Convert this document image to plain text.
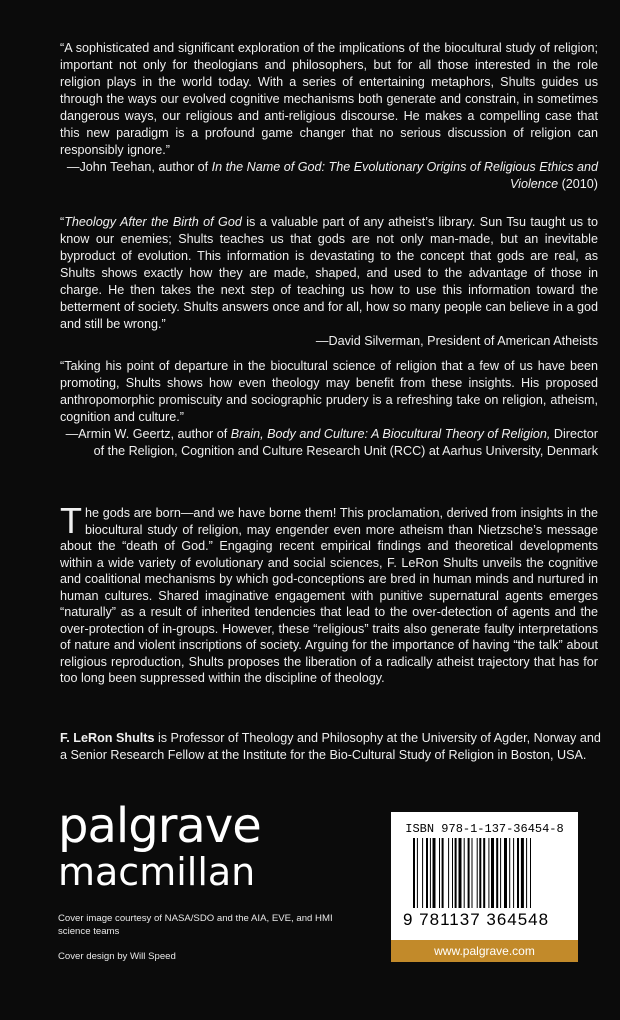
“A sophisticated and significant exploration of the implications of the biocultural study of religion; important not only for theologians and philosophers, but for all those interested in the role religion plays in the world today. With a series of entertaining metaphors, Shults guides us through the ways our evolved cognitive mechanisms both generate and constrain, in sometimes dangerous ways, our religious and anti-religious discourse. He makes a compelling case that this new paradigm is a profound game changer that no serious discussion of religion can responsibly ignore.”
—John Teehan, author of In the Name of God: The Evolutionary Origins of Religious Ethics and Violence (2010)
“Theology After the Birth of God is a valuable part of any atheist’s library. Sun Tsu taught us to know our enemies; Shults teaches us that gods are not only man-made, but an inevitable byproduct of evolution. This information is devastating to the concept that gods are real, as Shults shows exactly how they are made, shaped, and used to the advantage of those in charge. He then takes the next step of teaching us how to use this information toward the betterment of society. Shults answers once and for all, how so many people can believe in a god and still be wrong.”
—David Silverman, President of American Atheists
“Taking his point of departure in the biocultural science of religion that a few of us have been promoting, Shults shows how even theology may benefit from these insights. His proposed anthropomorphic promiscuity and sociographic prudery is a refreshing take on religion, atheism, cognition and culture.”
—Armin W. Geertz, author of Brain, Body and Culture: A Biocultural Theory of Religion, Director of the Religion, Cognition and Culture Research Unit (RCC) at Aarhus University, Denmark
The gods are born—and we have borne them! This proclamation, derived from insights in the biocultural study of religion, may engender even more atheism than Nietzsche’s message about the “death of God.” Engaging recent empirical findings and theoretical developments within a wide variety of evolutionary and social sciences, F. LeRon Shults unveils the cognitive and coalitional mechanisms by which god-conceptions are bred in human minds and nurtured in human cultures. Shared imaginative engagement with punitive supernatural agents emerges “naturally” as a result of inherited tendencies that lead to the over-detection of agents and the over-protection of in-groups. However, these “religious” traits also generate faulty interpretations of nature and violent inscriptions of society. Arguing for the importance of having “the talk” about religious reproduction, Shults proposes the liberation of a radically atheist trajectory that has for too long been suppressed within the discipline of theology.
F. LeRon Shults is Professor of Theology and Philosophy at the University of Agder, Norway and a Senior Research Fellow at the Institute for the Bio-Cultural Study of Religion in Boston, USA.
palgrave
macmillan
Cover image courtesy of NASA/SDO and the AIA, EVE, and HMI science teams
Cover design by Will Speed
ISBN 978-1-137-36454-8
9 781137 364548
www.palgrave.com
